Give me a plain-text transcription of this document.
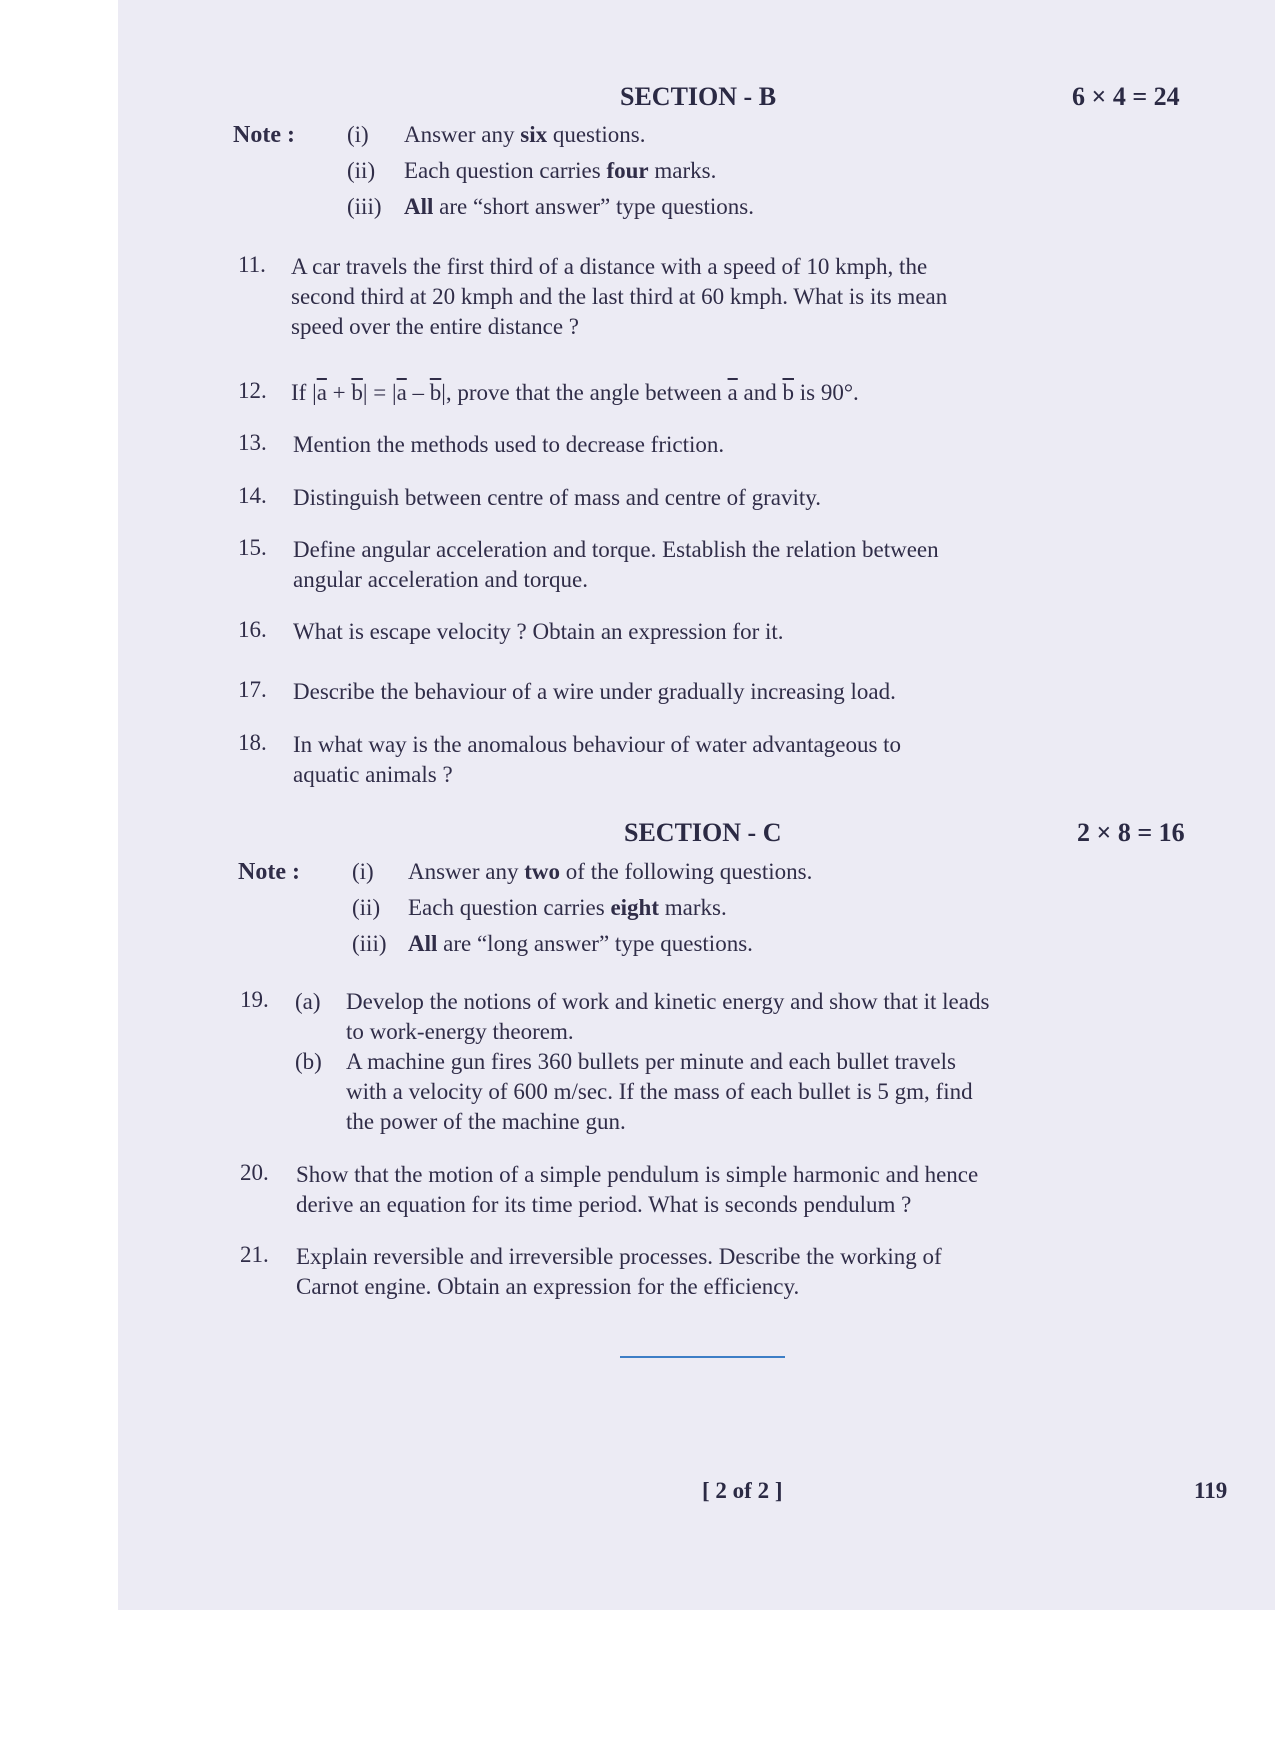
SECTION - B	6 × 4 = 24
Note : (i) Answer any six questions.
(ii) Each question carries four marks.
(iii) All are “short answer” type questions.
11. A car travels the first third of a distance with a speed of 10 kmph, the
second third at 20 kmph and the last third at 60 kmph. What is its mean
speed over the entire distance ?
12. If $|\overline{a} + \overline{b}| = |\overline{a} - \overline{b}|$, prove that the angle between $\overline{a}$ and $\overline{b}$ is 90°.
13. Mention the methods used to decrease friction.
14. Distinguish between centre of mass and centre of gravity.
15. Define angular acceleration and torque. Establish the relation between
angular acceleration and torque.
16. What is escape velocity ? Obtain an expression for it.
17. Describe the behaviour of a wire under gradually increasing load.
18. In what way is the anomalous behaviour of water advantageous to
aquatic animals ?
SECTION - C	2 × 8 = 16
Note : (i) Answer any two of the following questions.
(ii) Each question carries eight marks.
(iii) All are “long answer” type questions.
19. (a) Develop the notions of work and kinetic energy and show that it leads
to work-energy theorem.
(b) A machine gun fires 360 bullets per minute and each bullet travels
with a velocity of 600 m/sec. If the mass of each bullet is 5 gm, find
the power of the machine gun.
20. Show that the motion of a simple pendulum is simple harmonic and hence
derive an equation for its time period. What is seconds pendulum ?
21. Explain reversible and irreversible processes. Describe the working of
Carnot engine. Obtain an expression for the efficiency.
[ 2 of 2 ]	119
